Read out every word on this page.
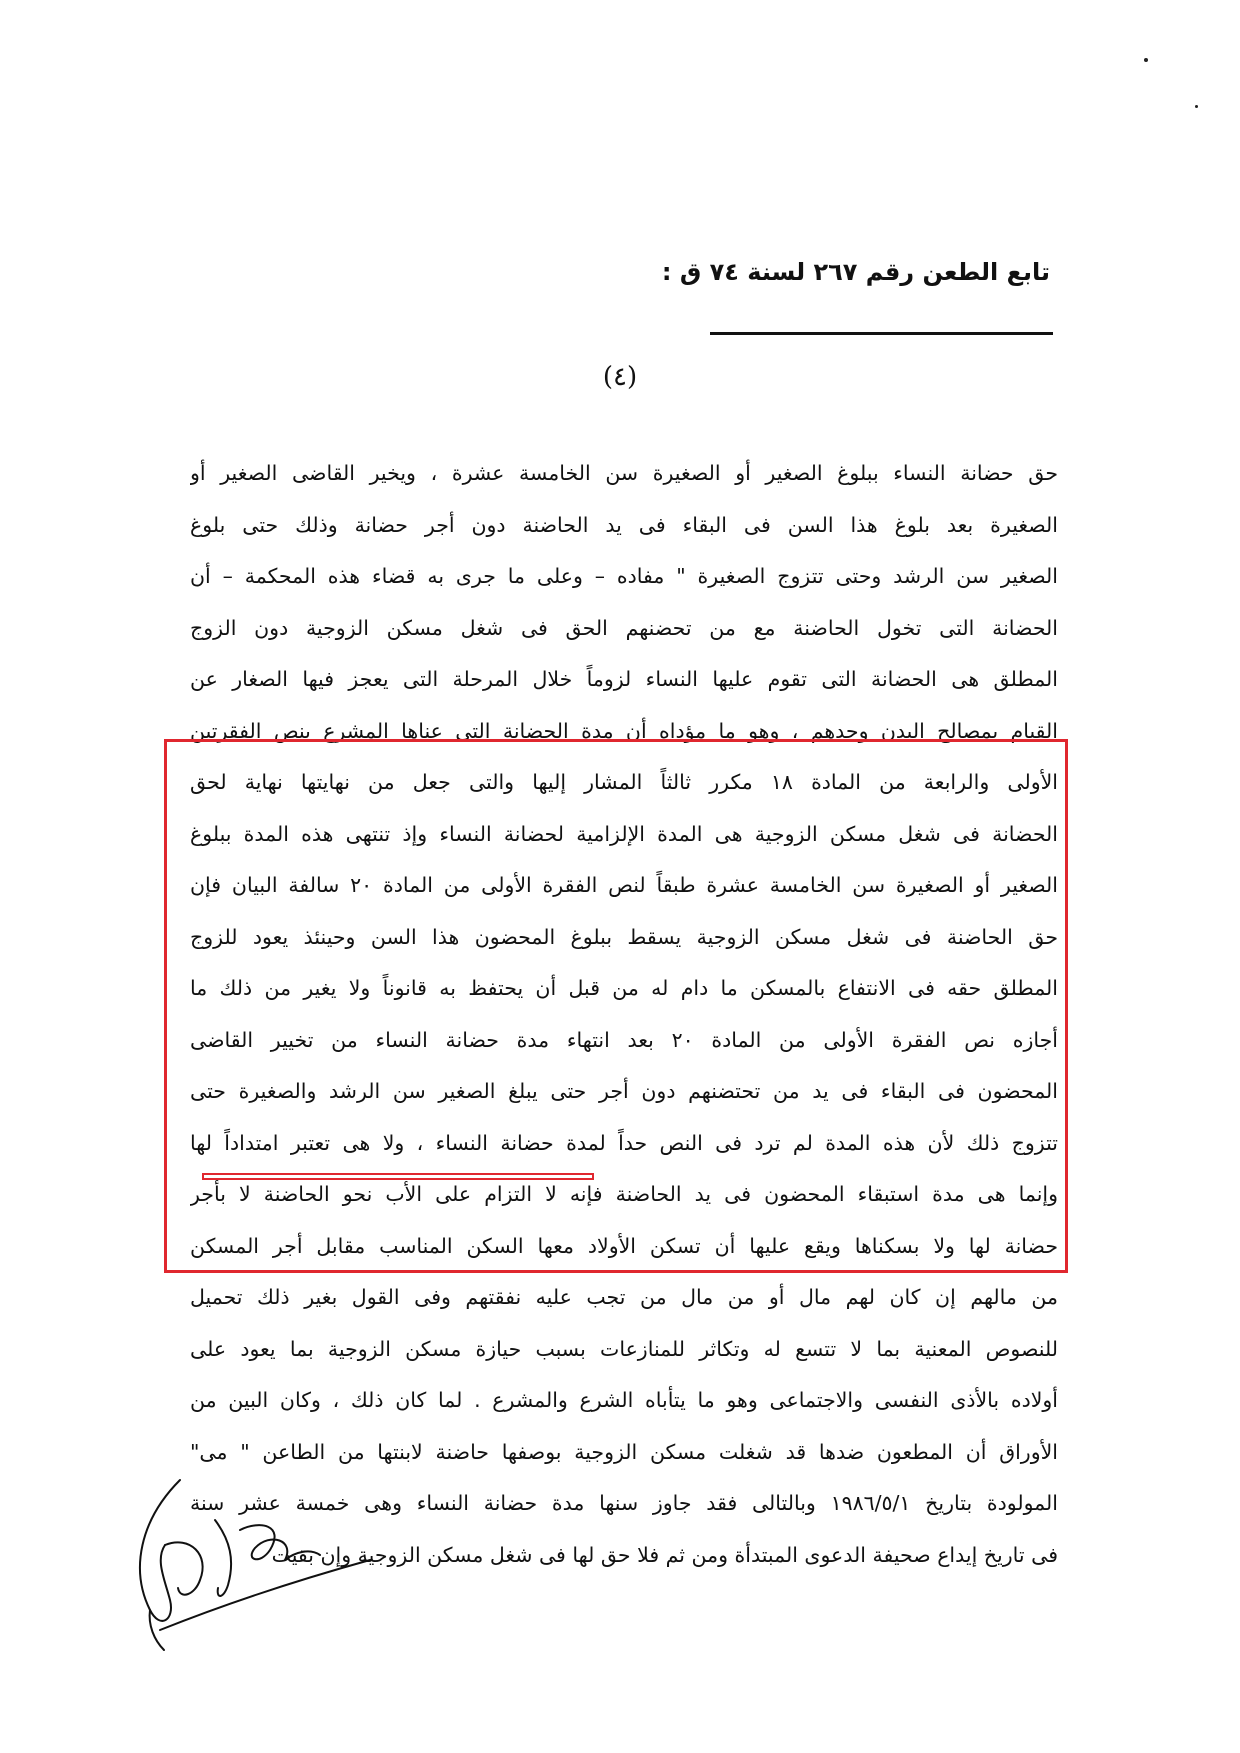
تابع الطعن رقم ٢٦٧ لسنة ٧٤ ق :
(٤)
حق حضانة النساء ببلوغ الصغير أو الصغيرة سن الخامسة عشرة ، ويخير القاضى الصغير أو
الصغيرة بعد بلوغ هذا السن فى البقاء فى يد الحاضنة دون أجر حضانة وذلك حتى بلوغ
الصغير سن الرشد وحتى تتزوج الصغيرة " مفاده – وعلى ما جرى به قضاء هذه المحكمة – أن
الحضانة التى تخول الحاضنة مع من تحضنهم الحق فى شغل مسكن الزوجية دون الزوج
المطلق هى الحضانة التى تقوم عليها النساء لزوماً خلال المرحلة التى يعجز فيها الصغار عن
القيام بمصالح البدن وحدهم ، وهو ما مؤداه أن مدة الحضانة التى عناها المشرع بنص الفقرتين
الأولى والرابعة من المادة ١٨ مكرر ثالثاً المشار إليها والتى جعل من نهايتها نهاية لحق
الحضانة فى شغل مسكن الزوجية هى المدة الإلزامية لحضانة النساء وإذ تنتهى هذه المدة ببلوغ
الصغير أو الصغيرة سن الخامسة عشرة طبقاً لنص الفقرة الأولى من المادة ٢٠ سالفة البيان فإن
حق الحاضنة فى شغل مسكن الزوجية يسقط ببلوغ المحضون هذا السن وحينئذ يعود للزوج
المطلق حقه فى الانتفاع بالمسكن ما دام له من قبل أن يحتفظ به قانوناً ولا يغير من ذلك ما
أجازه نص الفقرة الأولى من المادة ٢٠ بعد انتهاء مدة حضانة النساء من تخيير القاضى
المحضون فى البقاء فى يد من تحتضنهم دون أجر حتى يبلغ الصغير سن الرشد والصغيرة حتى
تتزوج ذلك لأن هذه المدة لم ترد فى النص حداً لمدة حضانة النساء ، ولا هى تعتبر امتداداً لها
وإنما هى مدة استبقاء المحضون فى يد الحاضنة فإنه لا التزام على الأب نحو الحاضنة لا بأجر
حضانة لها ولا بسكناها ويقع عليها أن تسكن الأولاد معها السكن المناسب مقابل أجر المسكن
من مالهم إن كان لهم مال أو من مال من تجب عليه نفقتهم وفى القول بغير ذلك تحميل
للنصوص المعنية بما لا تتسع له وتكاثر للمنازعات بسبب حيازة مسكن الزوجية بما يعود على
أولاده بالأذى النفسى والاجتماعى وهو ما يتأباه الشرع والمشرع . لما كان ذلك ، وكان البين من
الأوراق أن المطعون ضدها قد شغلت مسكن الزوجية بوصفها حاضنة لابنتها من الطاعن " مى"
المولودة بتاريخ ١٩٨٦/٥/١ وبالتالى فقد جاوز سنها مدة حضانة النساء وهى خمسة عشر سنة
فى تاريخ إيداع صحيفة الدعوى المبتدأة ومن ثم فلا حق لها فى شغل مسكن الزوجية وإن بقيت
